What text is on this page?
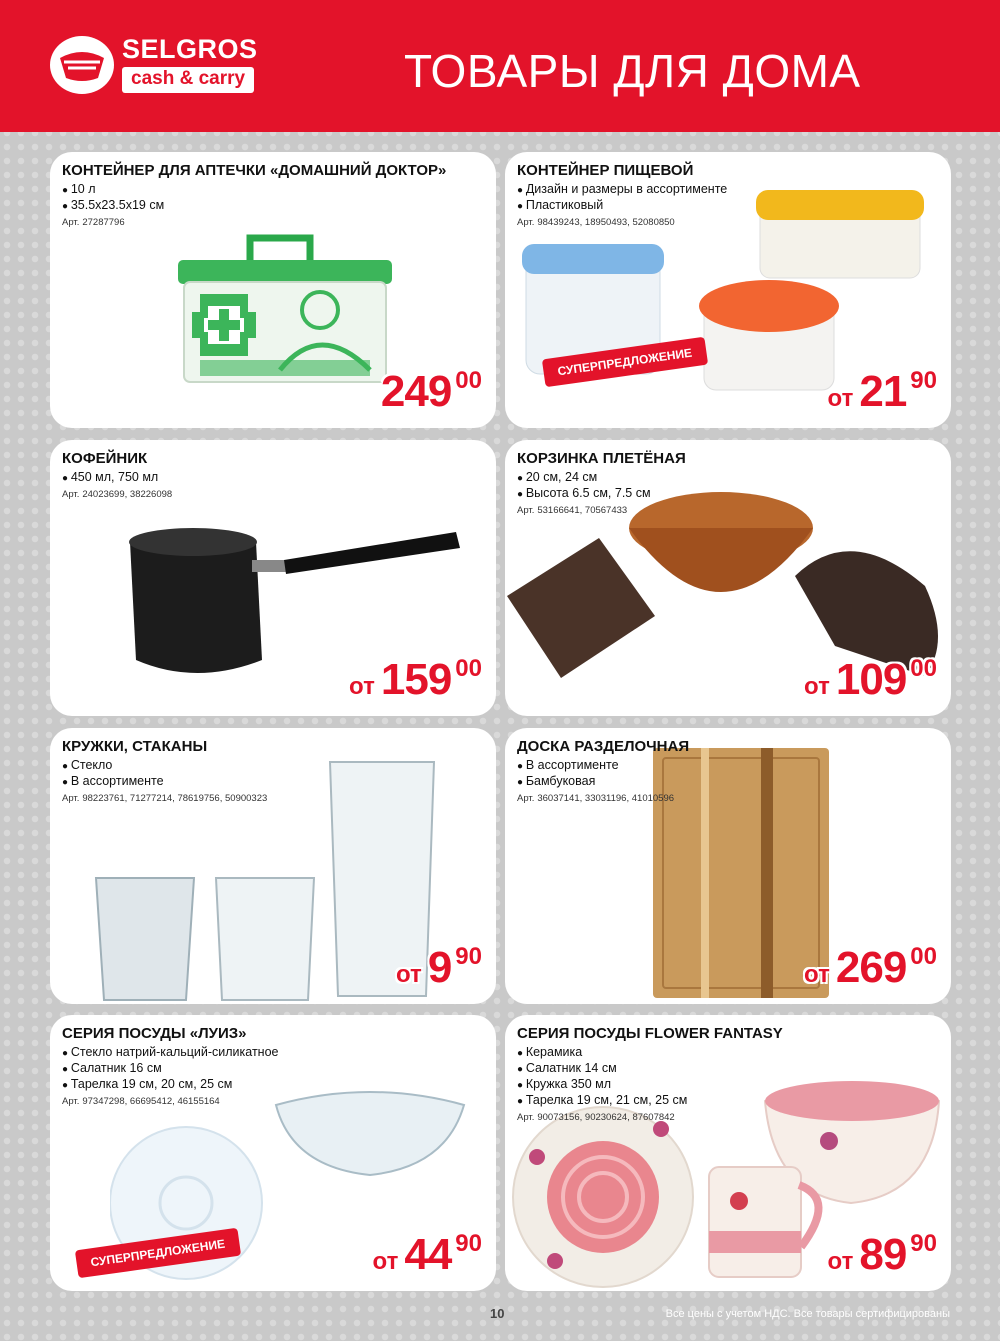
SELGROS
cash & carry	ТОВАРЫ ДЛЯ ДОМА
КОНТЕЙНЕР ДЛЯ АПТЕЧКИ «ДОМАШНИЙ ДОКТОР»
● 10 л
● 35.5x23.5x19 см
Арт. 27287796
249 00
КОНТЕЙНЕР ПИЩЕВОЙ
● Дизайн и размеры в ассортименте
● Пластиковый
Арт. 98439243, 18950493, 52080850
СУПЕРПРЕДЛОЖЕНИЕ
от 21 90
КОФЕЙНИК
● 450 мл, 750 мл
Арт. 24023699, 38226098
от 159 00
КОРЗИНКА ПЛЕТЁНАЯ
● 20 см, 24 см
● Высота 6.5 см, 7.5 см
Арт. 53166641, 70567433
от 109 00
КРУЖКИ, СТАКАНЫ
● Стекло
● В ассортименте
Арт. 98223761, 71277214, 78619756, 50900323
от 9 90
ДОСКА РАЗДЕЛОЧНАЯ
● В ассортименте
● Бамбуковая
Арт. 36037141, 33031196, 41010596
от 269 00
СЕРИЯ ПОСУДЫ «ЛУИЗ»
● Стекло натрий-кальций-силикатное
● Салатник 16 см
● Тарелка 19 см, 20 см, 25 см
Арт. 97347298, 66695412, 46155164
СУПЕРПРЕДЛОЖЕНИЕ	от 44 90
СЕРИЯ ПОСУДЫ FLOWER FANTASY
● Керамика
● Салатник 14 см
● Кружка 350 мл
● Тарелка 19 см, 21 см, 25 см
Арт. 90073156, 90230624, 87607842
от 89 90
10	Все цены с учетом НДС. Все товары сертифицированы
